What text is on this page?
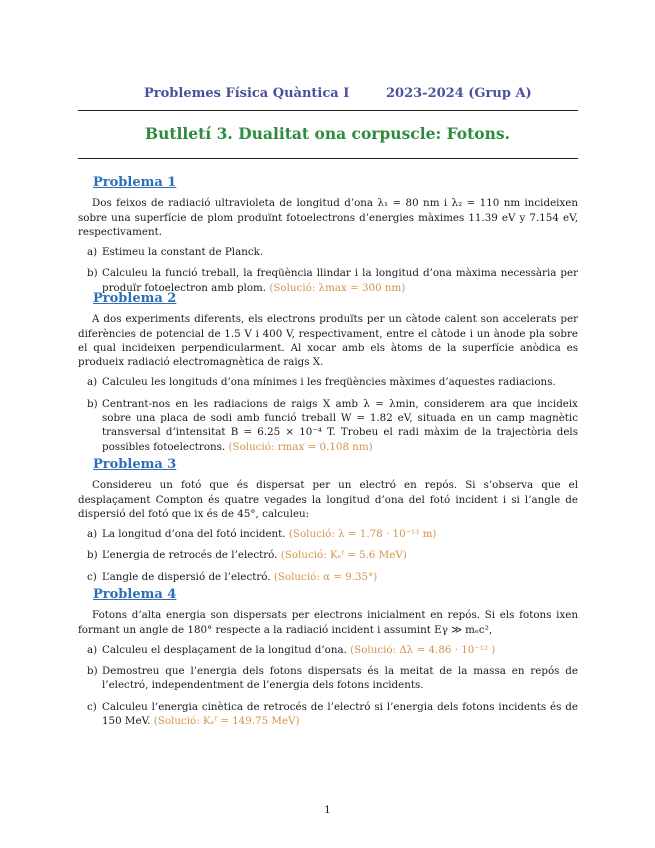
Problemes Física Quàntica I	2023-2024 (Grup A)
Butlletí 3. Dualitat ona corpuscle: Fotons.
Problema 1

Dos feixos de radiació ultravioleta de longitud d’ona λ₁ = 80 nm i λ₂ = 110 nm incideixen sobre una superfície de plom produïnt fotoelectrons d’energies màximes 11.39 eV y 7.154 eV, respectivament.

a) Estimeu la constant de Planck.
b) Calculeu la funció treball, la freqüència llindar i la longitud d’ona màxima necessària per produïr fotoelectron amb plom. (Solució: λmax = 300 nm)
Problema 2

A dos experiments diferents, els electrons produïts per un càtode calent son accelerats per diferències de potencial de 1.5 V i 400 V, respectivament, entre el càtode i un ànode pla sobre el qual incideixen perpendicularment. Al xocar amb els àtoms de la superfície anòdica es produeix radiació electromagnètica de raigs X.

a) Calculeu les longituds d’ona mínimes i les freqüències màximes d’aquestes radiacions.
b) Centrant-nos en les radiacions de raigs X amb λ = λmin, considerem ara que incideix sobre una placa de sodi amb funció treball W = 1.82 eV, situada en un camp magnètic transversal d’intensitat B = 6.25 × 10⁻⁴ T. Trobeu el radi màxim de la trajectòria dels possibles fotoelectrons. (Solució: rmax = 0.108 nm)
Problema 3

Considereu un fotó que és dispersat per un electró en repós. Si s’observa que el desplaçament Compton és quatre vegades la longitud d’ona del fotó incident i si l’angle de dispersió del fotó que ix és de 45°, calculeu:

a) La longitud d’ona del fotó incident. (Solució: λ = 1.78 · 10⁻¹³ m)
b) L’energia de retrocés de l’electró. (Solució: Kₑᶠ = 5.6 MeV)
c) L’angle de dispersió de l’electró. (Solució: α = 9.35°)
Problema 4

Fotons d’alta energia son dispersats per electrons inicialment en repós. Si els fotons ixen formant un angle de 180° respecte a la radiació incident i assumint Eγ ≫ mₑc²,

a) Calculeu el desplaçament de la longitud d’ona. (Solució: Δλ = 4.86 · 10⁻¹² )
b) Demostreu que l’energia dels fotons dispersats és la meitat de la massa en repós de l’electró, independentment de l’energia dels fotons incidents.
c) Calculeu l’energia cinètica de retrocés de l’electró si l’energia dels fotons incidents és de 150 MeV. (Solució: Kₑᶠ = 149.75 MeV)
1
